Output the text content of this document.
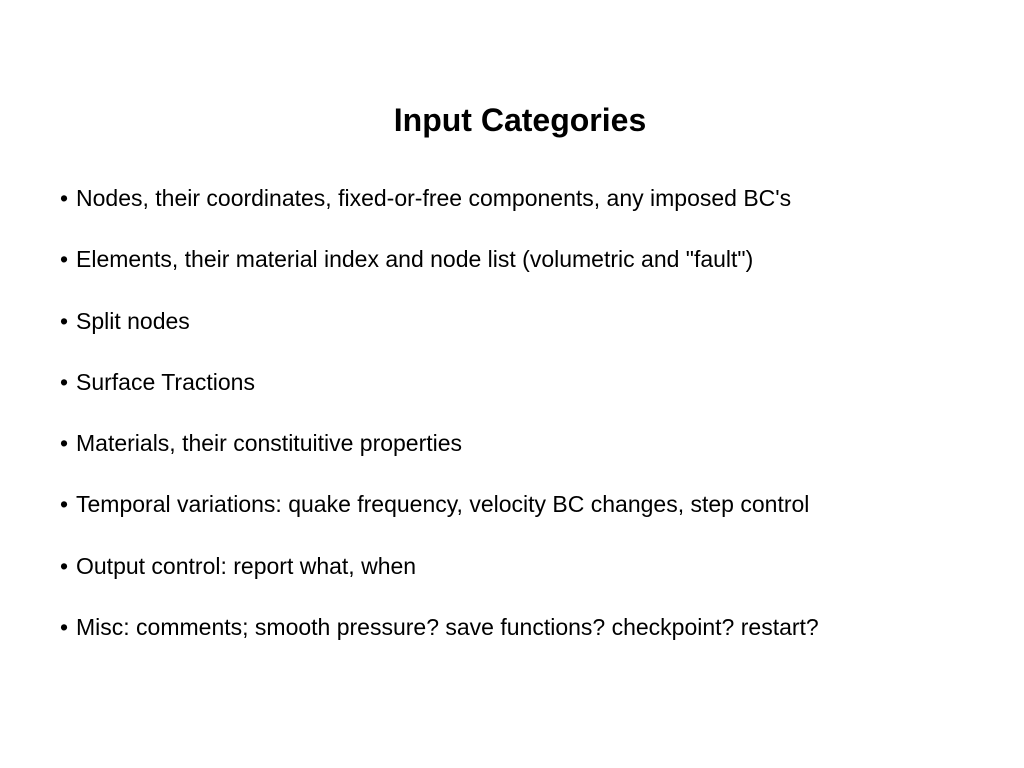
Input Categories
• Nodes, their coordinates, fixed-or-free components, any imposed BC's
• Elements, their material index and node list (volumetric and "fault")
• Split nodes
• Surface Tractions
• Materials, their constituitive properties
• Temporal variations: quake frequency, velocity BC changes, step control
• Output control: report what, when
• Misc: comments; smooth pressure? save functions? checkpoint? restart?
